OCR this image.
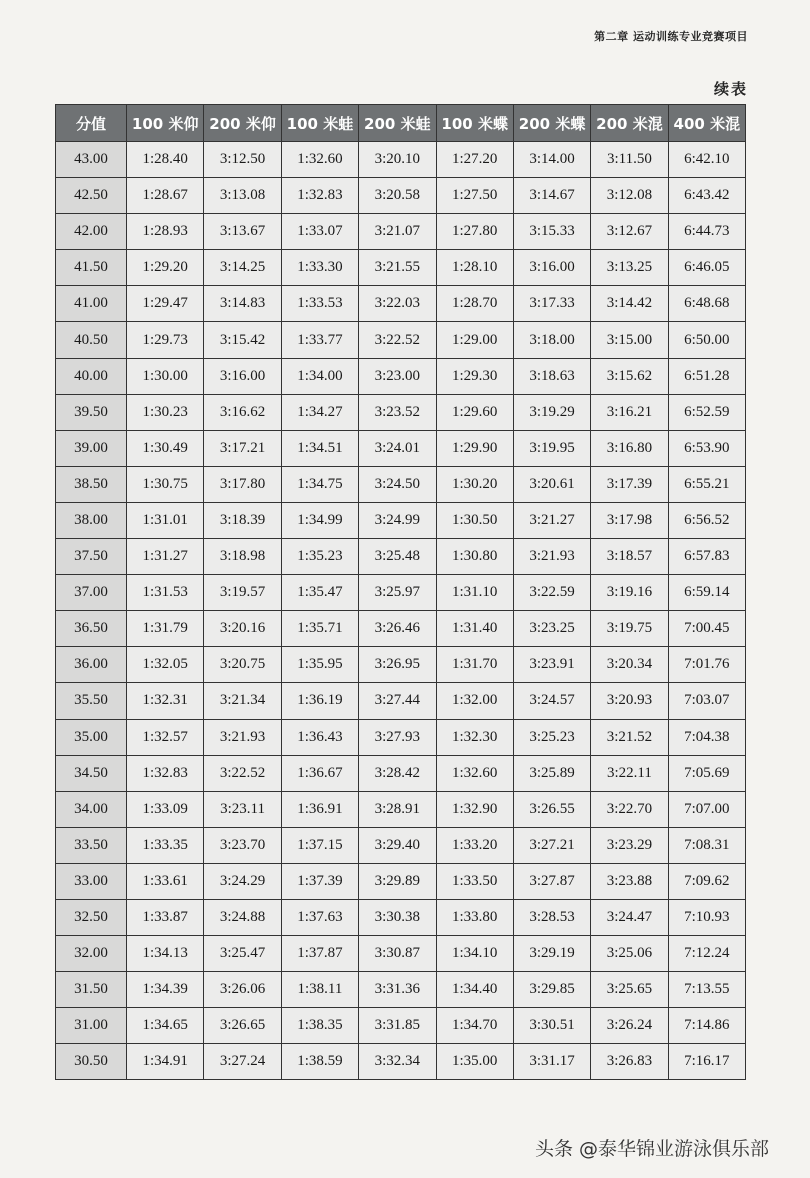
第二章 运动训练专业竞赛项目
续表
分值	100 米仰	200 米仰	100 米蛙	200 米蛙	100 米蝶	200 米蝶	200 米混	400 米混
43.00	1:28.40	3:12.50	1:32.60	3:20.10	1:27.20	3:14.00	3:11.50	6:42.10
42.50	1:28.67	3:13.08	1:32.83	3:20.58	1:27.50	3:14.67	3:12.08	6:43.42
42.00	1:28.93	3:13.67	1:33.07	3:21.07	1:27.80	3:15.33	3:12.67	6:44.73
41.50	1:29.20	3:14.25	1:33.30	3:21.55	1:28.10	3:16.00	3:13.25	6:46.05
41.00	1:29.47	3:14.83	1:33.53	3:22.03	1:28.70	3:17.33	3:14.42	6:48.68
40.50	1:29.73	3:15.42	1:33.77	3:22.52	1:29.00	3:18.00	3:15.00	6:50.00
40.00	1:30.00	3:16.00	1:34.00	3:23.00	1:29.30	3:18.63	3:15.62	6:51.28
39.50	1:30.23	3:16.62	1:34.27	3:23.52	1:29.60	3:19.29	3:16.21	6:52.59
39.00	1:30.49	3:17.21	1:34.51	3:24.01	1:29.90	3:19.95	3:16.80	6:53.90
38.50	1:30.75	3:17.80	1:34.75	3:24.50	1:30.20	3:20.61	3:17.39	6:55.21
38.00	1:31.01	3:18.39	1:34.99	3:24.99	1:30.50	3:21.27	3:17.98	6:56.52
37.50	1:31.27	3:18.98	1:35.23	3:25.48	1:30.80	3:21.93	3:18.57	6:57.83
37.00	1:31.53	3:19.57	1:35.47	3:25.97	1:31.10	3:22.59	3:19.16	6:59.14
36.50	1:31.79	3:20.16	1:35.71	3:26.46	1:31.40	3:23.25	3:19.75	7:00.45
36.00	1:32.05	3:20.75	1:35.95	3:26.95	1:31.70	3:23.91	3:20.34	7:01.76
35.50	1:32.31	3:21.34	1:36.19	3:27.44	1:32.00	3:24.57	3:20.93	7:03.07
35.00	1:32.57	3:21.93	1:36.43	3:27.93	1:32.30	3:25.23	3:21.52	7:04.38
34.50	1:32.83	3:22.52	1:36.67	3:28.42	1:32.60	3:25.89	3:22.11	7:05.69
34.00	1:33.09	3:23.11	1:36.91	3:28.91	1:32.90	3:26.55	3:22.70	7:07.00
33.50	1:33.35	3:23.70	1:37.15	3:29.40	1:33.20	3:27.21	3:23.29	7:08.31
33.00	1:33.61	3:24.29	1:37.39	3:29.89	1:33.50	3:27.87	3:23.88	7:09.62
32.50	1:33.87	3:24.88	1:37.63	3:30.38	1:33.80	3:28.53	3:24.47	7:10.93
32.00	1:34.13	3:25.47	1:37.87	3:30.87	1:34.10	3:29.19	3:25.06	7:12.24
31.50	1:34.39	3:26.06	1:38.11	3:31.36	1:34.40	3:29.85	3:25.65	7:13.55
31.00	1:34.65	3:26.65	1:38.35	3:31.85	1:34.70	3:30.51	3:26.24	7:14.86
30.50	1:34.91	3:27.24	1:38.59	3:32.34	1:35.00	3:31.17	3:26.83	7:16.17
头条 @泰华锦业游泳俱乐部
